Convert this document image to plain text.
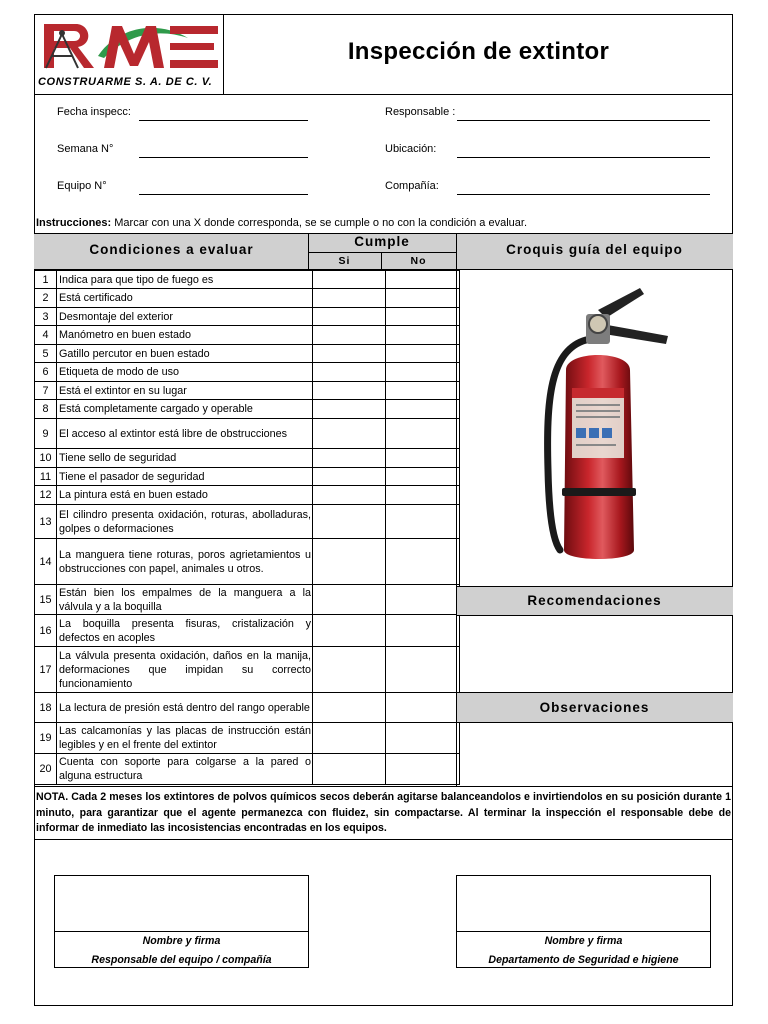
CONSTRUARME S. A. DE C. V.
Inspección de extintor
Fecha inspecc:
Semana N°
Equipo N°
Responsable :
Ubicación:
Compañía:
Instrucciones: Marcar con una X donde corresponda, se se cumple o no con la condición a evaluar.
Condiciones a evaluar
Cumple
Si	No
Croquis guía del equipo
1	Indica para que tipo de fuego es		
2	Está certificado		
3	Desmontaje del exterior		
4	Manómetro en buen estado		
5	Gatillo percutor en buen estado		
6	Etiqueta de modo de uso		
7	Está el extintor en su lugar		
8	Está completamente cargado y operable		
9	El acceso al extintor está libre de obstrucciones		
10	Tiene sello de seguridad		
11	Tiene el pasador de seguridad		
12	La pintura está en buen estado		
13	El cilindro presenta oxidación, roturas, abolladuras, golpes o deformaciones		
14	La manguera tiene roturas, poros agrietamientos u obstrucciones con papel, animales u otros.		
15	Están bien los empalmes de la manguera a la válvula y a la boquilla		
16	La boquilla presenta fisuras, cristalización y defectos en acoples		
17	La válvula presenta oxidación, daños en la manija, deformaciones que impidan su correcto funcionamiento		
18	La lectura de presión está dentro del rango operable		
19	Las calcamonías y las placas de instrucción están legibles y en el frente del extintor		
20	Cuenta con soporte para colgarse a la pared o alguna estructura		
Recomendaciones
Observaciones
NOTA. Cada 2 meses los extintores de polvos químicos secos deberán agitarse balanceandolos e invirtiendolos en su posición durante 1 minuto, para garantizar que el agente permanezca con fluidez, sin compactarse. Al terminar la inspección el responsable debe de informar de inmediato las incosistencias encontradas en los equipos.
Nombre y firma
Responsable del equipo / compañía
Nombre y firma
Departamento de Seguridad e higiene
